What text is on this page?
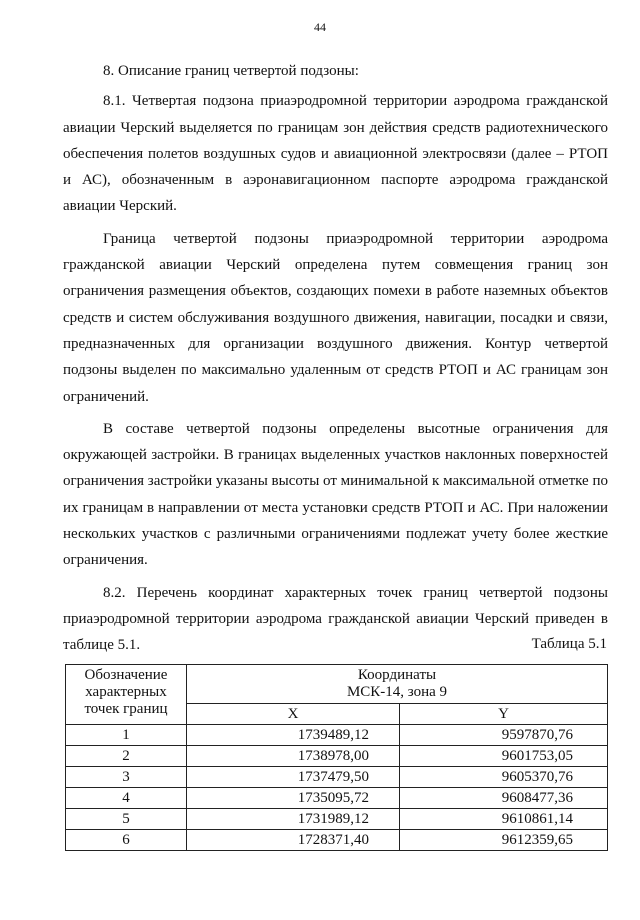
44

8. Описание границ четвертой подзоны:

8.1. Четвертая подзона приаэродромной территории аэродрома гражданской авиации Черский выделяется по границам зон действия средств радиотехнического обеспечения полетов воздушных судов и авиационной электросвязи (далее – РТОП и АС), обозначенным в аэронавигационном паспорте аэродрома гражданской авиации Черский.

Граница четвертой подзоны приаэродромной территории аэродрома гражданской авиации Черский определена путем совмещения границ зон ограничения размещения объектов, создающих помехи в работе наземных объектов средств и систем обслуживания воздушного движения, навигации, посадки и связи, предназначенных для организации воздушного движения. Контур четвертой подзоны выделен по максимально удаленным от средств РТОП и АС границам зон ограничений.

В составе четвертой подзоны определены высотные ограничения для окружающей застройки. В границах выделенных участков наклонных поверхностей ограничения застройки указаны высоты от минимальной к максимальной отметке по их границам в направлении от места установки средств РТОП и АС. При наложении нескольких участков с различными ограничениями подлежат учету более жесткие ограничения.

8.2. Перечень координат характерных точек границ четвертой подзоны приаэродромной территории аэродрома гражданской авиации Черский приведен в таблице 5.1.	Таблица 5.1
Обозначение характерных точек границ	Координаты
МСК-14, зона 9	

	X	Y
1	1739489,12	9597870,76
2	1738978,00	9601753,05
3	1737479,50	9605370,76
4	1735095,72	9608477,36
5	1731989,12	9610861,14
6	1728371,40	9612359,65
